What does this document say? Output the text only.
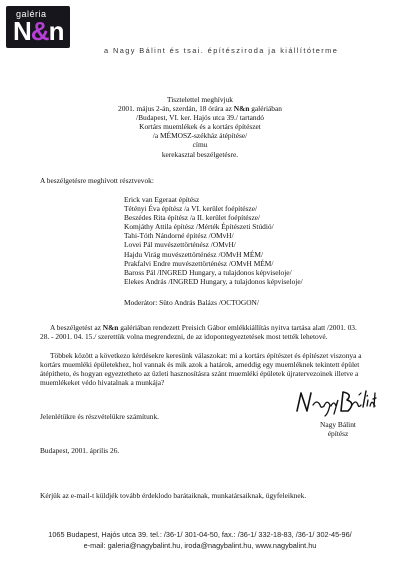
galéria
N&n
a Nagy Bálint és tsai. építésziroda ja kiállítóterme
Tisztelettel meghívjuk
2001. május 2-án, szerdán, 18 órára az N&n galériában
/Budapest, VI. ker. Hajós utca 39./ tartandó
Kortárs muemlékek és a kortárs építészet
/a MÉMOSZ-székház átépítése/
címu
kerekasztal beszélgetésre.
A beszélgetésre meghívott résztvevok:
Erick van Egeraat építész
Tétényi Éva építész /a VI. kerület foépítésze/
Beszédes Rita építész /a II. kerület foépítésze/
Komjáthy Attila építész /Mérték Építészeti Stúdió/
Tahi-Tóth Nándorné építész /OMvH/
Lovei Pál muvészettörténész /OMvH/
Hajdu Virág muvészettörténész /OMvH MÉM/
Prakfalvi Endre muvészettörténész /OMvH MÉM/
Baross Pál /INGRED Hungary, a tulajdonos képviseloje/
Elekes András /INGRED Hungary, a tulajdonos képviseloje/
Moderátor: Süto András Balázs /OCTOGON/
A beszélgetést az N&n galériában rendezett Preisich Gábor emlékkiállítás nyitva tartása alatt /2001. 03. 28. - 2001. 04. 15./ szerettük volna megrendezni, de az idopontegyeztetések most tették lehetové.
Többek között a következo kérdésekre keresünk válaszokat: mi a kortárs építészet és építészet viszonya a kortárs muemléki épületekhez, hol vannak és mik azok a határok, ameddig egy muemléknek tekintett épület átépítheto, és hogyan egyeztetheto az üzleti hasznosításra szánt muemléki épületek újratervezoinek illetve a muemlékeket védo hivatalnak a munkája?
Jelenlétükre és részvételükre számítunk.
Budapest, 2001. április 26.
Nagy Bálint
építész
Kérjük az e-mail-t küldjék tovább érdeklodo barátaiknak, munkatársaiknak, ügyfeleiknek.
1065 Budapest, Hajós utca 39. tel.: /36-1/ 301-04-50, fax.: /36-1/ 332-18-83, /36-1/ 302-45-96/
e-mail: galeria@nagybalint.hu, iroda@nagybalint.hu, www.nagybalint.hu
